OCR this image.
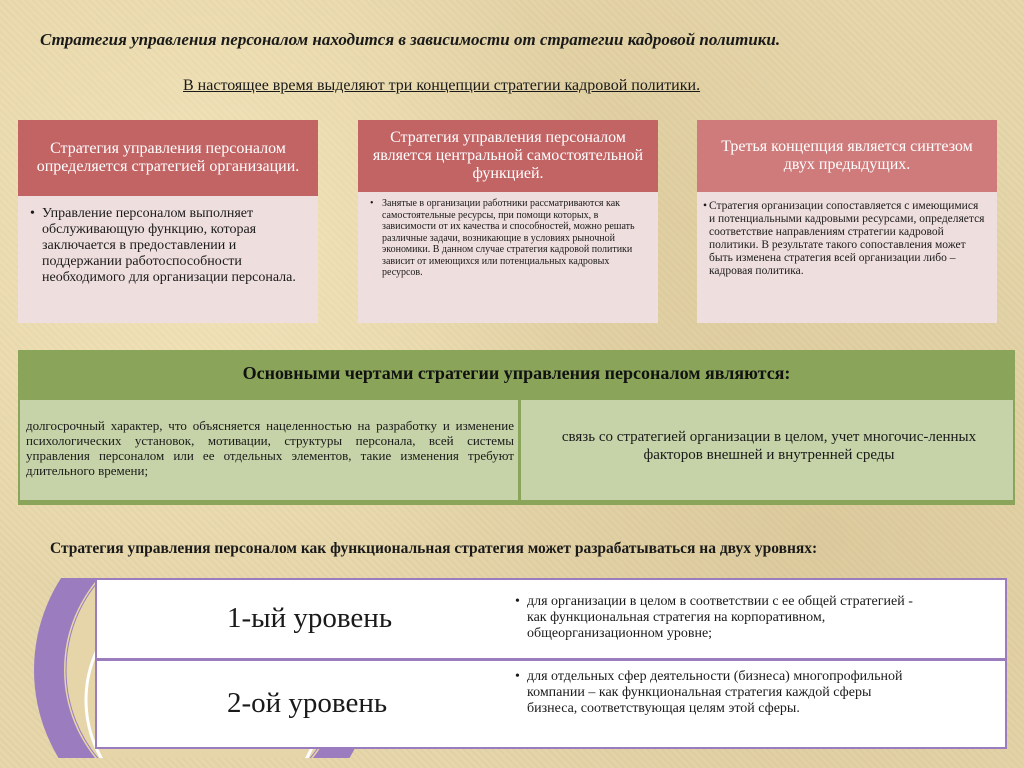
Стратегия управления персоналом находится в зависимости от стратегии кадровой политики.
В настоящее время выделяют три концепции стратегии кадровой политики.
Стратегия управления персоналом определяется стратегией организации.
• Управление персоналом выполняет обслуживающую функцию, которая заключается в предоставлении и поддержании работоспособности необходимого для организации персонала.
Стратегия управления персоналом является центральной самостоятельной функцией.
• Занятые в организации работники рассматриваются как самостоятельные ресурсы, при помощи которых, в зависимости от их качества и способностей, можно решать различные задачи, возникающие в условиях рыночной экономики. В данном случае стратегия кадровой политики зависит от имеющихся или потенциальных кадровых ресурсов.
Третья концепция является синтезом двух предыдущих.
• Стратегия организации сопоставляется с имеющимися и потенциальными кадровыми ресурсами, определяется соответствие направлениям стратегии кадровой политики. В результате такого сопоставления может быть изменена стратегия всей организации либо – кадровая политика.
Основными чертами стратегии управления персоналом являются:
долгосрочный характер, что объясняется нацеленностью на разработку и изменение психологических установок, мотивации, структуры персонала, всей системы управления персоналом или ее отдельных элементов, такие изменения требуют длительного времени;
связь со стратегией организации в целом, учет многочис-ленных факторов внешней и внутренней среды
Стратегия управления персоналом как функциональная стратегия может разрабатываться на двух уровнях:
1-ый уровень
• для организации в целом в соответствии с ее общей стратегией - как функциональная стратегия на корпоративном, общеорганизационном уровне;
2-ой уровень
• для отдельных сфер деятельности (бизнеса) многопрофильной компании – как функциональная стратегия каждой сферы бизнеса, соответствующая целям этой сферы.
